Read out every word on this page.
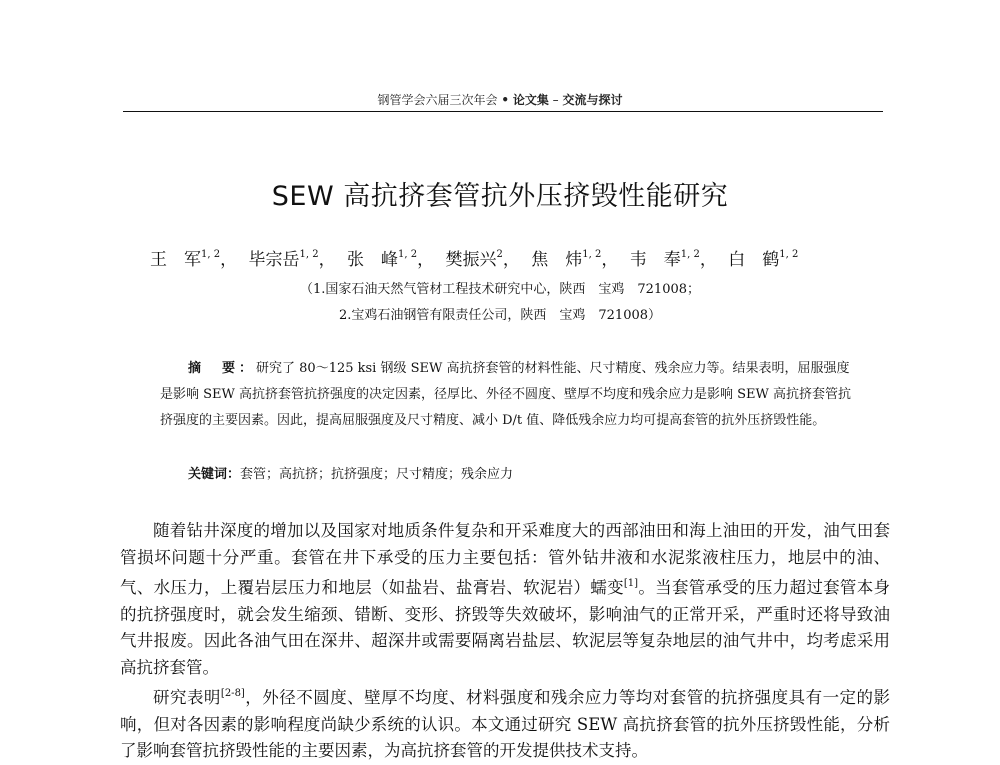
钢管学会六届三次年会 • 论文集 – 交流与探讨
SEW 高抗挤套管抗外压挤毁性能研究
王　军$^{1, 2}$， 毕宗岳$^{1, 2}$， 张　峰$^{1, 2}$， 樊振兴$^2$， 焦　炜$^{1, 2}$， 韦　奉$^{1, 2}$， 白　鹤$^{1, 2}$
（1.国家石油天然气管材工程技术研究中心，陕西　宝鸡　721008；
2.宝鸡石油钢管有限责任公司，陕西　宝鸡　721008）

摘　要：研究了 80～125 ksi 钢级 SEW 高抗挤套管的材料性能、尺寸精度、残余应力等。结果表明，屈服强度是影响 SEW 高抗挤套管抗挤强度的决定因素，径厚比、外径不圆度、壁厚不均度和残余应力是影响 SEW 高抗挤套管抗挤强度的主要因素。因此，提高屈服强度及尺寸精度、减小 D/t 值、降低残余应力均可提高套管的抗外压挤毁性能。

关键词：套管；高抗挤；抗挤强度；尺寸精度；残余应力

随着钻井深度的增加以及国家对地质条件复杂和开采难度大的西部油田和海上油田的开发，油气田套管损坏问题十分严重。套管在井下承受的压力主要包括：管外钻井液和水泥浆液柱压力，地层中的油、气、水压力，上覆岩层压力和地层（如盐岩、盐膏岩、软泥岩）蠕变[1]。当套管承受的压力超过套管本身的抗挤强度时，就会发生缩颈、错断、变形、挤毁等失效破坏，影响油气的正常开采，严重时还将导致油气井报废。因此各油气田在深井、超深井或需要隔离岩盐层、软泥层等复杂地层的油气井中，均考虑采用高抗挤套管。

研究表明[2-8]，外径不圆度、壁厚不均度、材料强度和残余应力等均对套管的抗挤强度具有一定的影响，但对各因素的影响程度尚缺少系统的认识。本文通过研究 SEW 高抗挤套管的抗外压挤毁性能，分析了影响套管抗挤毁性能的主要因素，为高抗挤套管的开发提供技术支持。
